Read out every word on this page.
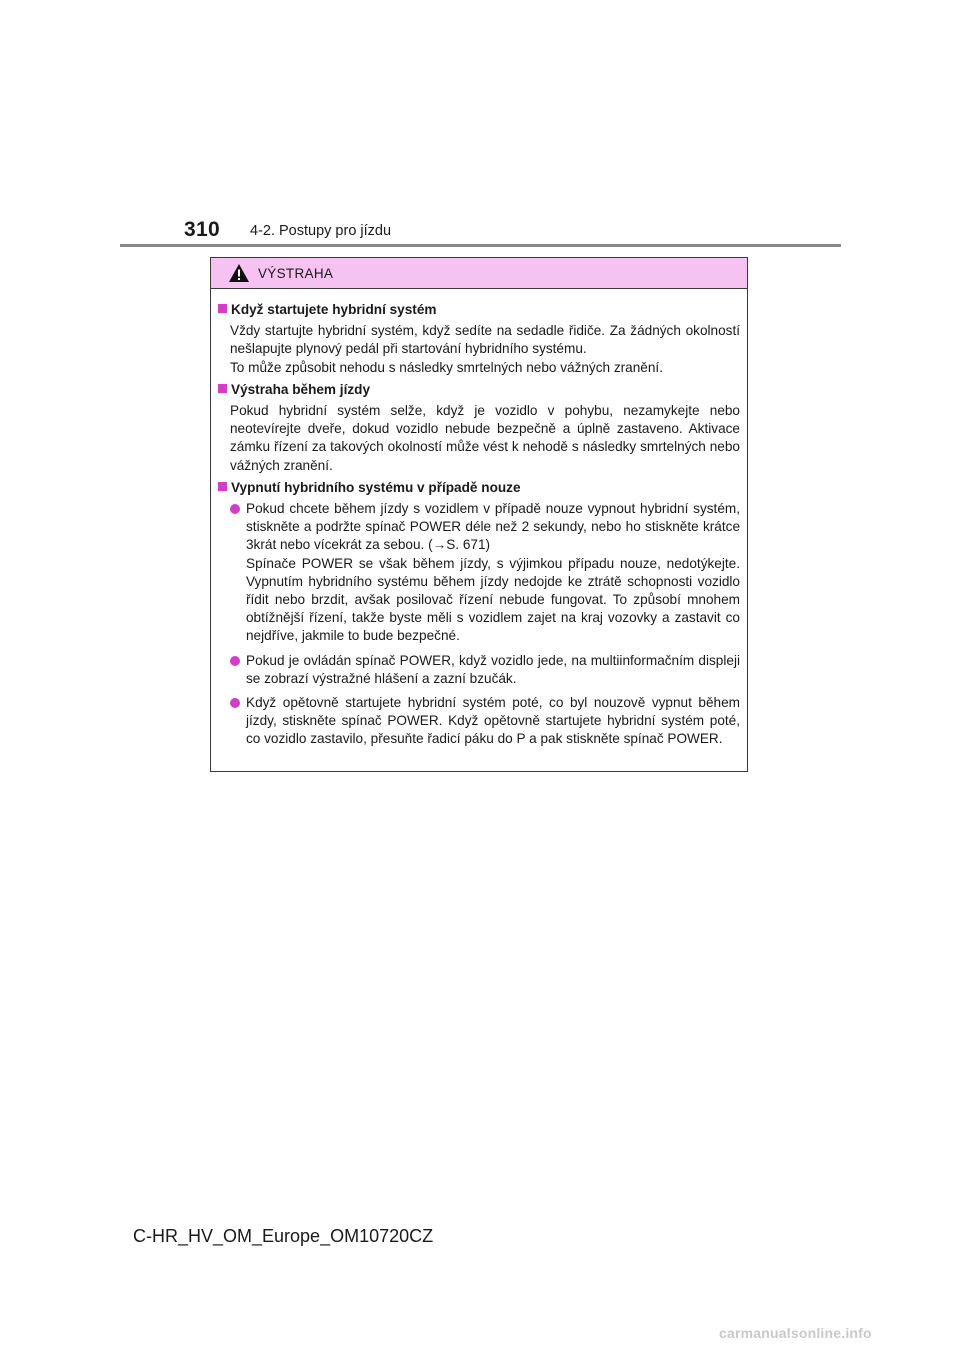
310 4-2. Postupy pro jízdu
VÝSTRAHA
Když startujete hybridní systém

Vždy startujte hybridní systém, když sedíte na sedadle řidiče. Za žádných okolností nešlapujte plynový pedál při startování hybridního systému.

To může způsobit nehodu s následky smrtelných nebo vážných zranění.

Výstraha během jízdy

Pokud hybridní systém selže, když je vozidlo v pohybu, nezamykejte nebo neotevírejte dveře, dokud vozidlo nebude bezpečně a úplně zastaveno. Aktivace zámku řízení za takových okolností může vést k nehodě s následky smrtelných nebo vážných zranění.

Vypnutí hybridního systému v případě nouze

Pokud chcete během jízdy s vozidlem v případě nouze vypnout hybridní systém, stiskněte a podržte spínač POWER déle než 2 sekundy, nebo ho stiskněte krátce 3krát nebo vícekrát za sebou. (→S. 671)

Spínače POWER se však během jízdy, s výjimkou případu nouze, nedotýkejte. Vypnutím hybridního systému během jízdy nedojde ke ztrátě schopnosti vozidlo řídit nebo brzdit, avšak posilovač řízení nebude fungovat. To způsobí mnohem obtížnější řízení, takže byste měli s vozidlem zajet na kraj vozovky a zastavit co nejdříve, jakmile to bude bezpečné.

Pokud je ovládán spínač POWER, když vozidlo jede, na multiinformačním displeji se zobrazí výstražné hlášení a zazní bzučák.

Když opětovně startujete hybridní systém poté, co byl nouzově vypnut během jízdy, stiskněte spínač POWER. Když opětovně startujete hybridní systém poté, co vozidlo zastavilo, přesuňte řadicí páku do P a pak stiskněte spínač POWER.

C-HR_HV_OM_Europe_OM10720CZ
carmanualsonline.info
